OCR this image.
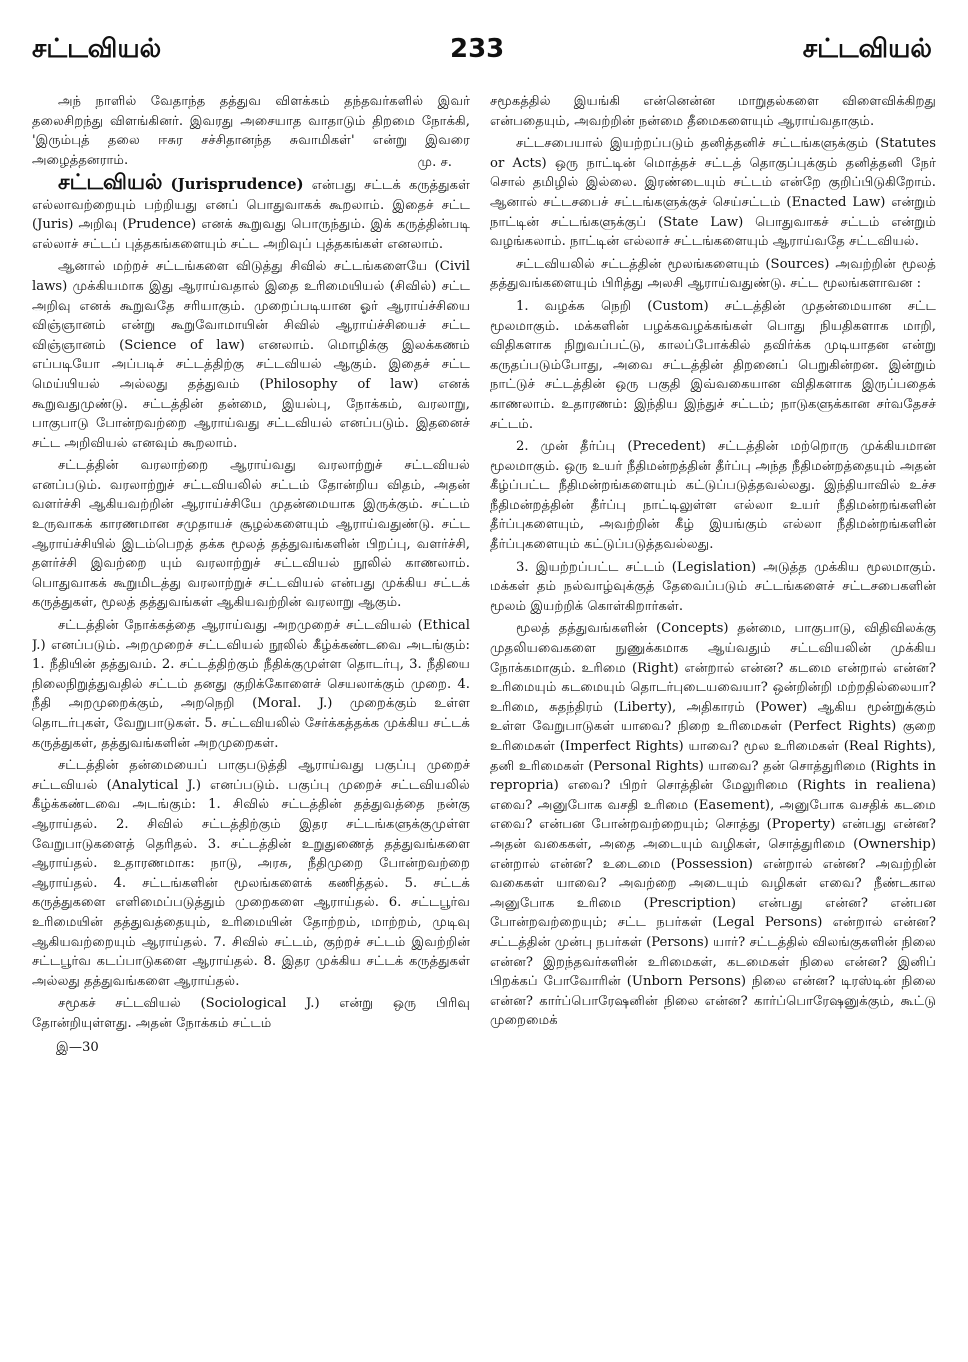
சட்டவியல்	233	சட்டவியல்

அந் நாளில் வேதாந்த தத்துவ விளக்கம் தந்தவர்களில் இவர் தலைசிறந்து விளங்கினர். இவரது அசையாத வாதாடும் திறமை நோக்கி, 'இரும்புத் தலை ஈசுர சச்சிதானந்த சுவாமிகள்' என்று இவரை அழைத்தனராம்.	மு. ச.

சட்டவியல் (Jurisprudence) என்பது சட்டக் கருத்துகள் எல்லாவற்றையும் பற்றியது எனப் பொதுவாகக் கூறலாம். இதைச் சட்ட (Juris) அறிவு (Prudence) எனக் கூறுவது பொருந்தும். இக் கருத்தின்படி எல்லாச் சட்டப் புத்தகங்களையும் சட்ட அறிவுப் புத்தகங்கள் எனலாம்.

ஆனால் மற்றச் சட்டங்களை விடுத்து சிவில் சட்டங்களையே (Civil laws) முக்கியமாக இது ஆராய்வதால் இதை உரிமையியல் (சிவில்) சட்ட அறிவு எனக் கூறுவதே சரியாகும். முறைப்படியான ஓர் ஆராய்ச்சியை விஞ்ஞானம் என்று கூறுவோமாயின் சிவில் ஆராய்ச்சியைச் சட்ட விஞ்ஞானம் (Science of law) எனலாம். மொழிக்கு இலக்கணம் எப்படியோ அப்படிச் சட்டத்திற்கு சட்டவியல் ஆகும். இதைச் சட்ட மெய்யியல் அல்லது தத்துவம் (Philosophy of law) எனக் கூறுவதுமுண்டு. சட்டத்தின் தன்மை, இயல்பு, நோக்கம், வரலாறு, பாகுபாடு போன்றவற்றை ஆராய்வது சட்டவியல் எனப்படும். இதனைச் சட்ட அறிவியல் எனவும் கூறலாம்.

சட்டத்தின் வரலாற்றை ஆராய்வது வரலாற்றுச் சட்டவியல் எனப்படும். வரலாற்றுச் சட்டவியலில் சட்டம் தோன்றிய விதம், அதன் வளர்ச்சி ஆகியவற்றின் ஆராய்ச்சியே முதன்மையாக இருக்கும். சட்டம் உருவாகக் காரணமான சமுதாயச் சூழல்களையும் ஆராய்வதுண்டு. சட்ட ஆராய்ச்சியில் இடம்பெறத் தக்க மூலத் தத்துவங்களின் பிறப்பு, வளர்ச்சி, தளர்ச்சி இவற்றை யும் வரலாற்றுச் சட்டவியல் நூலில் காணலாம். பொதுவாகக் கூறுமிடத்து வரலாற்றுச் சட்டவியல் என்பது முக்கிய சட்டக் கருத்துகள், மூலத் தத்துவங்கள் ஆகியவற்றின் வரலாறு ஆகும்.

சட்டத்தின் நோக்கத்தை ஆராய்வது அறமுறைச் சட்டவியல் (Ethical J.) எனப்படும். அறமுறைச் சட்டவியல் நூலில் கீழ்க்கண்டவை அடங்கும்: 1. நீதியின் தத்துவம். 2. சட்டத்திற்கும் நீதிக்குமுள்ள தொடர்பு, 3. நீதியை நிலைநிறுத்துவதில் சட்டம் தனது குறிக்கோளைச் செயலாக்கும் முறை. 4. நீதி அறமுறைக்கும், அறநெறி (Moral. J.) முறைக்கும் உள்ள தொடர்புகள், வேறுபாடுகள். 5. சட்டவியலில் சேர்க்கத்தக்க முக்கிய சட்டக் கருத்துகள், தத்துவங்களின் அறமுறைகள்.

சட்டத்தின் தன்மையைப் பாகுபடுத்தி ஆராய்வது பகுப்பு முறைச் சட்டவியல் (Analytical J.) எனப்படும். பகுப்பு முறைச் சட்டவியலில் கீழ்க்கண்டவை அடங்கும்: 1. சிவில் சட்டத்தின் தத்துவத்தை நன்கு ஆராய்தல். 2. சிவில் சட்டத்திற்கும் இதர சட்டங்களுக்குமுள்ள வேறுபாடுகளைத் தெரிதல். 3. சட்டத்தின் உறுதுணைத் தத்துவங்களை ஆராய்தல். உதாரணமாக: நாடு, அரசு, நீதிமுறை போன்றவற்றை ஆராய்தல். 4. சட்டங்களின் மூலங்களைக் கணித்தல். 5. சட்டக் கருத்துகளை எளிமைப்படுத்தும் முறைகளை ஆராய்தல். 6. சட்டபூர்வ உரிமையின் தத்துவத்தையும், உரிமையின் தோற்றம், மாற்றம், முடிவு ஆகியவற்றையும் ஆராய்தல். 7. சிவில் சட்டம், குற்றச் சட்டம் இவற்றின் சட்டபூர்வ கடப்பாடுகளை ஆராய்தல். 8. இதர முக்கிய சட்டக் கருத்துகள் அல்லது தத்துவங்களை ஆராய்தல்.

சமூகச் சட்டவியல் (Sociological J.) என்று ஒரு பிரிவு தோன்றியுள்ளது. அதன் நோக்கம் சட்டம்

இ—30

சமூகத்தில் இயங்கி என்னென்ன மாறுதல்களை விளைவிக்கிறது என்பதையும், அவற்றின் நன்மை தீமைகளையும் ஆராய்வதாகும்.

சட்டசபையால் இயற்றப்படும் தனித்தனிச் சட்டங்களுக்கும் (Statutes or Acts) ஒரு நாட்டின் மொத்தச் சட்டத் தொகுப்புக்கும் தனித்தனி நேர் சொல் தமிழில் இல்லை. இரண்டையும் சட்டம் என்றே குறிப்பிடுகிறோம். ஆனால் சட்டசபைச் சட்டங்களுக்குச் செய்சட்டம் (Enacted Law) என்றும் நாட்டின் சட்டங்களுக்குப் (State Law) பொதுவாகச் சட்டம் என்றும் வழங்கலாம். நாட்டின் எல்லாச் சட்டங்களையும் ஆராய்வதே சட்டவியல்.

சட்டவியலில் சட்டத்தின் மூலங்களையும் (Sources) அவற்றின் மூலத் தத்துவங்களையும் பிரித்து அலசி ஆராய்வதுண்டு. சட்ட மூலங்களாவன :

1. வழக்க நெறி (Custom) சட்டத்தின் முதன்மையான சட்ட மூலமாகும். மக்களின் பழக்கவழக்கங்கள் பொது நியதிகளாக மாறி, விதிகளாக நிறுவப்பட்டு, காலப்போக்கில் தவிர்க்க முடியாதன என்று கருதப்படும்போது, அவை சட்டத்தின் திறனைப் பெறுகின்றன. இன்றும் நாட்டுச் சட்டத்தின் ஒரு பகுதி இவ்வகையான விதிகளாக இருப்பதைக் காணலாம். உதாரணம்: இந்திய இந்துச் சட்டம்; நாடுகளுக்கான சர்வதேசச் சட்டம்.
2. முன் தீர்ப்பு (Precedent) சட்டத்தின் மற்றொரு முக்கியமான மூலமாகும். ஒரு உயர் நீதிமன்றத்தின் தீர்ப்பு அந்த நீதிமன்றத்தையும் அதன் கீழ்ப்பட்ட நீதிமன்றங்களையும் கட்டுப்படுத்தவல்லது. இந்தியாவில் உச்ச நீதிமன்றத்தின் தீர்ப்பு நாட்டிலுள்ள எல்லா உயர் நீதிமன்றங்களின் தீர்ப்புகளையும், அவற்றின் கீழ் இயங்கும் எல்லா நீதிமன்றங்களின் தீர்ப்புகளையும் கட்டுப்படுத்தவல்லது.
3. இயற்றப்பட்ட சட்டம் (Legislation) அடுத்த முக்கிய மூலமாகும். மக்கள் தம் நல்வாழ்வுக்குத் தேவைப்படும் சட்டங்களைச் சட்டசபைகளின் மூலம் இயற்றிக் கொள்கிறார்கள்.

மூலத் தத்துவங்களின் (Concepts) தன்மை, பாகுபாடு, விதிவிலக்கு முதலியவைகளை நுணுக்கமாக ஆய்வதும் சட்டவியலின் முக்கிய நோக்கமாகும். உரிமை (Right) என்றால் என்ன? கடமை என்றால் என்ன? உரிமையும் கடமையும் தொடர்புடையவையா? ஒன்றின்றி மற்றதில்லையா? உரிமை, சுதந்திரம் (Liberty), அதிகாரம் (Power) ஆகிய மூன்றுக்கும் உள்ள வேறுபாடுகள் யாவை? நிறை உரிமைகள் (Perfect Rights) குறை உரிமைகள் (Imperfect Rights) யாவை? மூல உரிமைகள் (Real Rights), தனி உரிமைகள் (Personal Rights) யாவை? தன் சொத்துரிமை (Rights in repropria) எவை? பிறர் சொத்தின் மேலுரிமை (Rights in realiena) எவை? அனுபோக வசதி உரிமை (Easement), அனுபோக வசதிக் கடமை எவை? என்பன போன்றவற்றையும்; சொத்து (Property) என்பது என்ன? அதன் வகைகள், அதை அடையும் வழிகள், சொத்துரிமை (Ownership) என்றால் என்ன? உடைமை (Possession) என்றால் என்ன? அவற்றின் வகைகள் யாவை? அவற்றை அடையும் வழிகள் எவை? நீண்டகால அனுபோக உரிமை (Prescription) என்பது என்ன? என்பன போன்றவற்றையும்; சட்ட நபர்கள் (Legal Persons) என்றால் என்ன? சட்டத்தின் முன்பு நபர்கள் (Persons) யார்? சட்டத்தில் விலங்குகளின் நிலை என்ன? இறந்தவர்களின் உரிமைகள், கடமைகள் நிலை என்ன? இனிப் பிறக்கப் போவோரின் (Unborn Persons) நிலை என்ன? டிரஸ்டின் நிலை என்ன? கார்ப்பொரேஷனின் நிலை என்ன? கார்ப்பொரேஷனுக்கும், கூட்டு முறைமைக்
